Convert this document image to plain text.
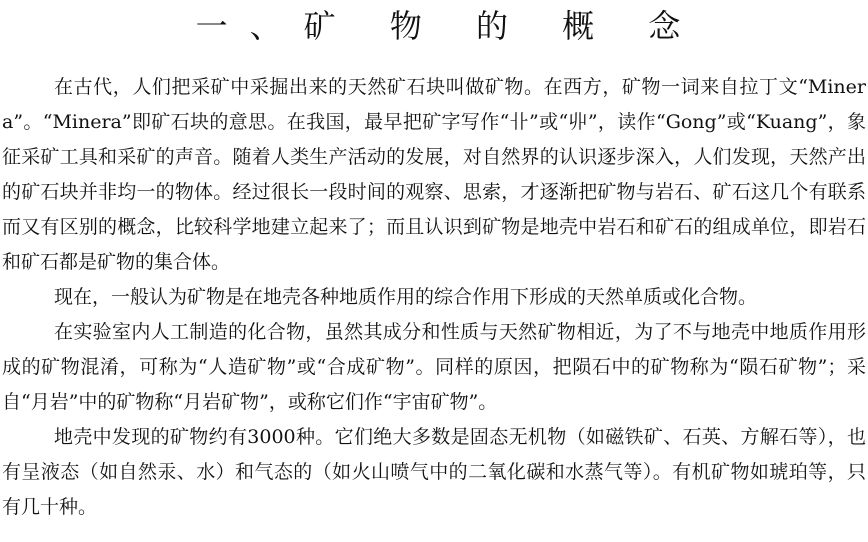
一、矿 物 的 概 念

在古代，人们把采矿中采掘出来的天然矿石块叫做矿物。在西方，矿物一词来自拉丁文“Minera”。“Minera”即矿石块的意思。在我国，最早把矿字写作“卝”或“丱”，读作“Gong”或“Kuang”，象征采矿工具和采矿的声音。随着人类生产活动的发展，对自然界的认识逐步深入，人们发现，天然产出的矿石块并非均一的物体。经过很长一段时间的观察、思索，才逐渐把矿物与岩石、矿石这几个有联系而又有区别的概念，比较科学地建立起来了；而且认识到矿物是地壳中岩石和矿石的组成单位，即岩石和矿石都是矿物的集合体。

现在，一般认为矿物是在地壳各种地质作用的综合作用下形成的天然单质或化合物。

在实验室内人工制造的化合物，虽然其成分和性质与天然矿物相近，为了不与地壳中地质作用形成的矿物混淆，可称为“人造矿物”或“合成矿物”。同样的原因，把陨石中的矿物称为“陨石矿物”；采自“月岩”中的矿物称“月岩矿物”，或称它们作“宇宙矿物”。

地壳中发现的矿物约有3000种。它们绝大多数是固态无机物（如磁铁矿、石英、方解石等），也有呈液态（如自然汞、水）和气态的（如火山喷气中的二氧化碳和水蒸气等）。有机矿物如琥珀等，只有几十种。
